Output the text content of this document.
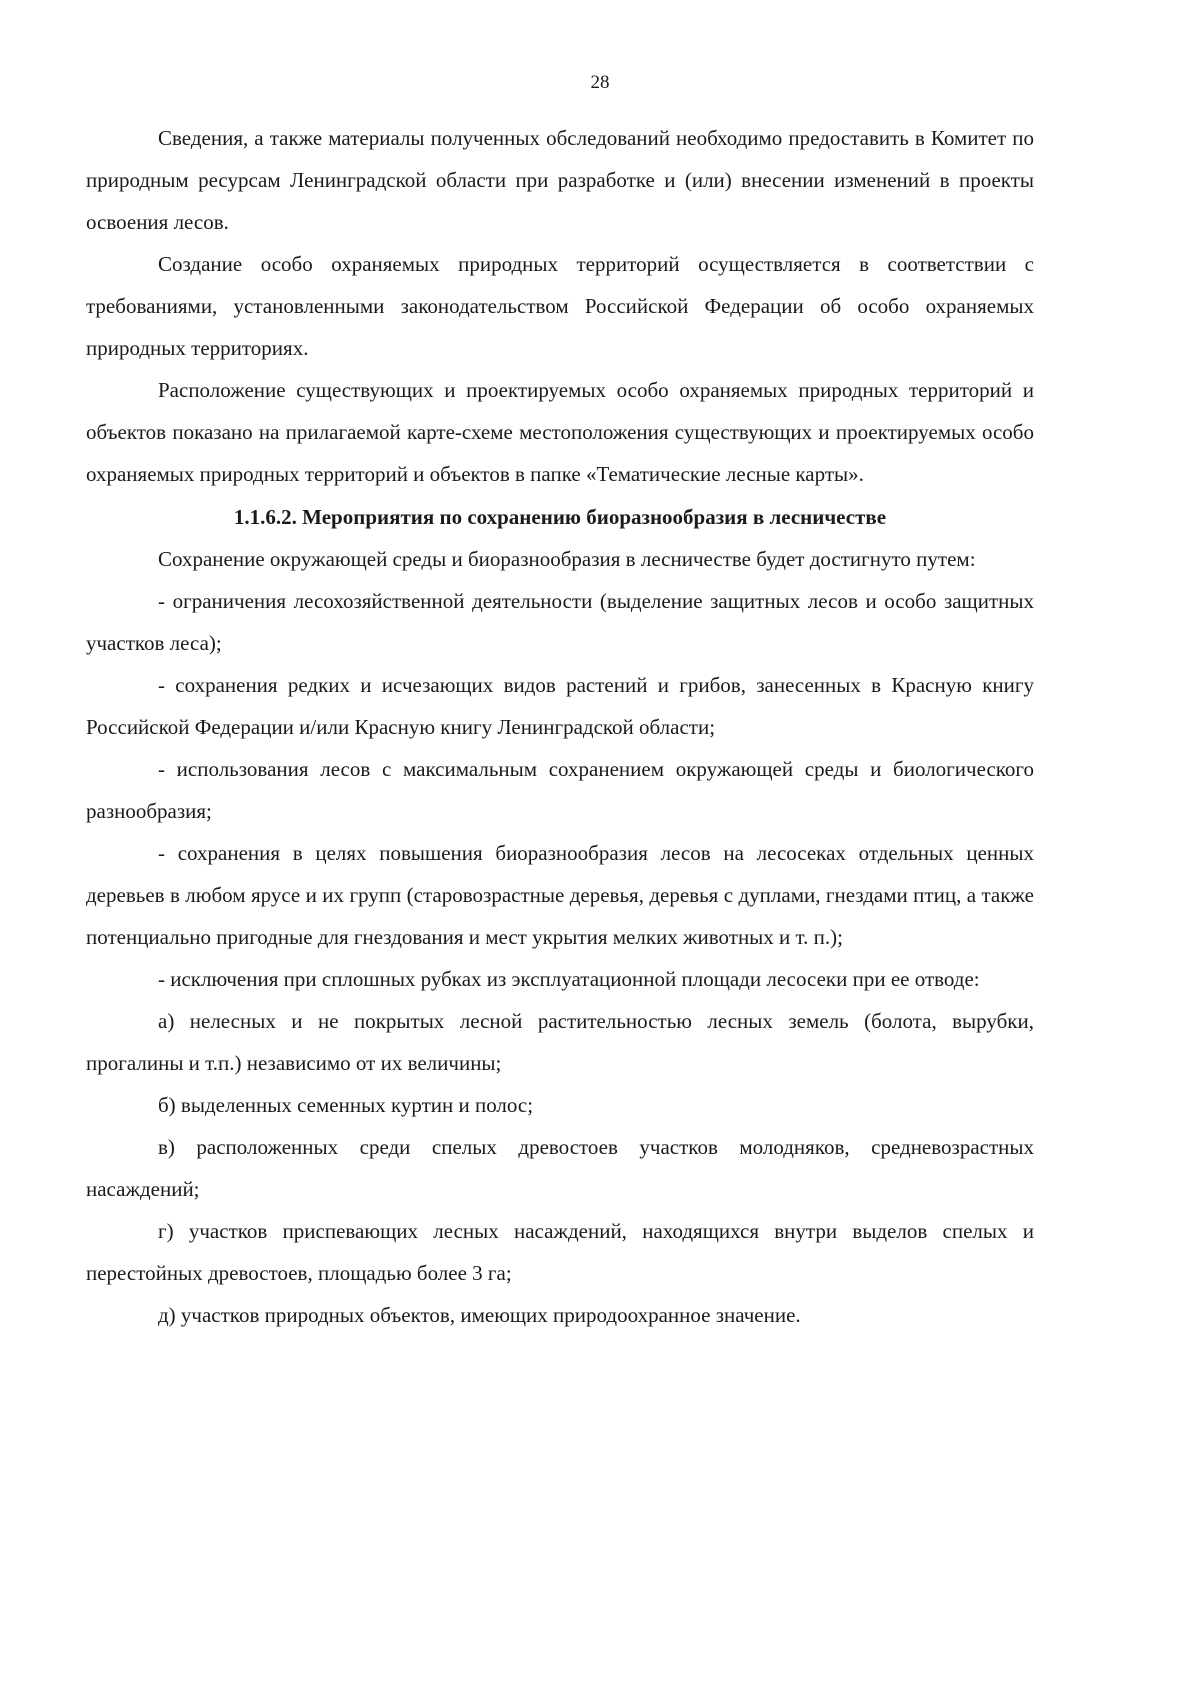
28

Сведения, а также материалы полученных обследований необходимо предоставить в Комитет по природным ресурсам Ленинградской области при разработке и (или) внесении изменений в проекты освоения лесов.

Создание особо охраняемых природных территорий осуществляется в соответствии с требованиями, установленными законодательством Российской Федерации об особо охраняемых природных территориях.

Расположение существующих и проектируемых особо охраняемых природных территорий и объектов показано на прилагаемой карте-схеме местоположения существующих и проектируемых особо охраняемых природных территорий и объектов в папке «Тематические лесные карты».

1.1.6.2. Мероприятия по сохранению биоразнообразия в лесничестве

Сохранение окружающей среды и биоразнообразия в лесничестве будет достигнуто путем:

- ограничения лесохозяйственной деятельности (выделение защитных лесов и особо защитных участков леса);

- сохранения редких и исчезающих видов растений и грибов, занесенных в Красную книгу Российской Федерации и/или Красную книгу Ленинградской области;

- использования лесов с максимальным сохранением окружающей среды и биологического разнообразия;

- сохранения в целях повышения биоразнообразия лесов на лесосеках отдельных ценных деревьев в любом ярусе и их групп (старовозрастные деревья, деревья с дуплами, гнездами птиц, а также потенциально пригодные для гнездования и мест укрытия мелких животных и т. п.);

- исключения при сплошных рубках из эксплуатационной площади лесосеки при ее отводе:

а) нелесных и не покрытых лесной растительностью лесных земель (болота, вырубки, прогалины и т.п.) независимо от их величины;

б) выделенных семенных куртин и полос;

в) расположенных среди спелых древостоев участков молодняков, средневозрастных насаждений;

г) участков приспевающих лесных насаждений, находящихся внутри выделов спелых и перестойных древостоев, площадью более 3 га;

д) участков природных объектов, имеющих природоохранное значение.
